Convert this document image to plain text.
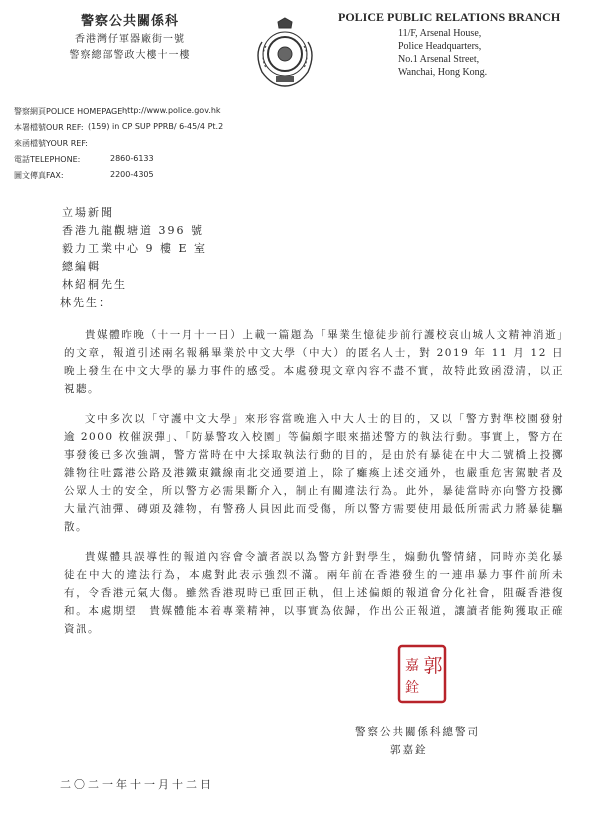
警察公共關係科
香港灣仔軍器廠街一號
警察總部警政大樓十一樓
POLICE PUBLIC RELATIONS BRANCH
11/F, Arsenal House,
Police Headquarters,
No.1 Arsenal Street,
Wanchai, Hong Kong.
警察網頁POLICE HOMEPAGE :
http://www.police.gov.hk
本署檔號OUR REF: (159) in CP SUP PPRB/ 6-45/4 Pt.2
來函檔號YOUR REF:
電話TELEPHONE:	2860-6133
圖文傳真FAX:	2200-4305
立場新聞
香港九龍觀塘道 396 號
毅力工業中心 9 樓 E 室
總編輯
林紹桐先生
林先生：

貴媒體昨晚（十一月十一日）上載一篇題為「畢業生憶徒步前行護校哀山城人文精神消逝」的文章，報道引述兩名報稱畢業於中文大學（中大）的匿名人士，對 2019 年 11 月 12 日晚上發生在中文大學的暴力事件的感受。本處發現文章內容不盡不實，故特此致函澄清，以正視聽。

文中多次以「守護中文大學」來形容當晚進入中大人士的目的，又以「警方對準校園發射逾 2000 枚催淚彈」、「防暴警攻入校園」等偏頗字眼來描述警方的執法行動。事實上，警方在事發後已多次強調，警方當時在中大採取執法行動的目的，是由於有暴徒在中大二號橋上投擲雜物往吐露港公路及港鐵東鐵線南北交通要道上，除了癱瘓上述交通外，也嚴重危害駕駛者及公眾人士的安全，所以警方必需果斷介入，制止有關違法行為。此外，暴徒當時亦向警方投擲大量汽油彈、磚頭及雜物，有警務人員因此而受傷，所以警方需要使用最低所需武力將暴徒驅散。

貴媒體具誤導性的報道內容會令讀者誤以為警方針對學生，煽動仇警情緒，同時亦美化暴徒在中大的違法行為，本處對此表示強烈不滿。兩年前在香港發生的一連串暴力事件前所未有，令香港元氣大傷。雖然香港現時已重回正軌，但上述偏頗的報道會分化社會，阻礙香港復和。本處期望　貴媒體能本着專業精神，以事實為依歸，作出公正報道，讓讀者能夠獲取正確資訊。

郭
嘉
銓
警察公共關係科總警司
郭嘉銓
二〇二一年十一月十二日
